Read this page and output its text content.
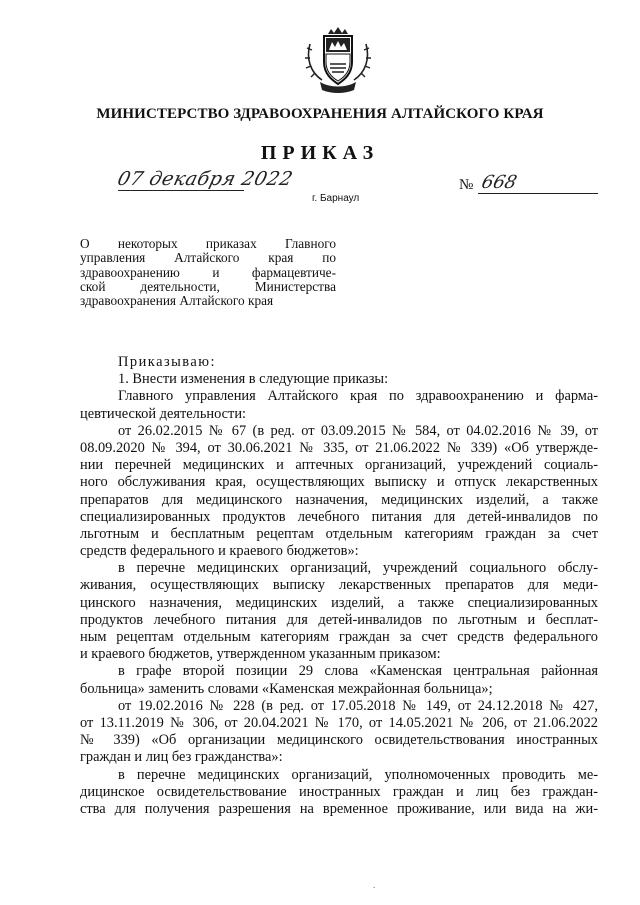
МИНИСТЕРСТВО ЗДРАВООХРАНЕНИЯ АЛТАЙСКОГО КРАЯ
ПРИКАЗ
07 декабря 2022
г. Барнаул
№ 668
О некоторых приказах Главного
управления Алтайского края по
здравоохранению и фармацевтиче-
ской деятельности, Министерства
здравоохранения Алтайского края
Приказываю:
1. Внести изменения в следующие приказы:
Главного управления Алтайского края по здравоохранению и фарма-
цевтической деятельности:
от 26.02.2015 № 67 (в ред. от 03.09.2015 № 584, от 04.02.2016 № 39, от
08.09.2020 № 394, от 30.06.2021 № 335, от 21.06.2022 № 339) «Об утвержде-
нии перечней медицинских и аптечных организаций, учреждений социаль-
ного обслуживания края, осуществляющих выписку и отпуск лекарственных
препаратов для медицинского назначения, медицинских изделий, а также
специализированных продуктов лечебного питания для детей-инвалидов по
льготным и бесплатным рецептам отдельным категориям граждан за счет
средств федерального и краевого бюджетов»:
в перечне медицинских организаций, учреждений социального обслу-
живания, осуществляющих выписку лекарственных препаратов для меди-
цинского назначения, медицинских изделий, а также специализированных
продуктов лечебного питания для детей-инвалидов по льготным и бесплат-
ным рецептам отдельным категориям граждан за счет средств федерального
и краевого бюджетов, утвержденном указанным приказом:
в графе второй позиции 29 слова «Каменская центральная районная
больница» заменить словами «Каменская межрайонная больница»;
от 19.02.2016 № 228 (в ред. от 17.05.2018 № 149, от 24.12.2018 № 427,
от 13.11.2019 № 306, от 20.04.2021 № 170, от 14.05.2021 № 206, от 21.06.2022
№ 339) «Об организации медицинского освидетельствования иностранных
граждан и лиц без гражданства»:
в перечне медицинских организаций, уполномоченных проводить ме-
дицинское освидетельствование иностранных граждан и лиц без граждан-
ства для получения разрешения на временное проживание, или вида на жи-
.
